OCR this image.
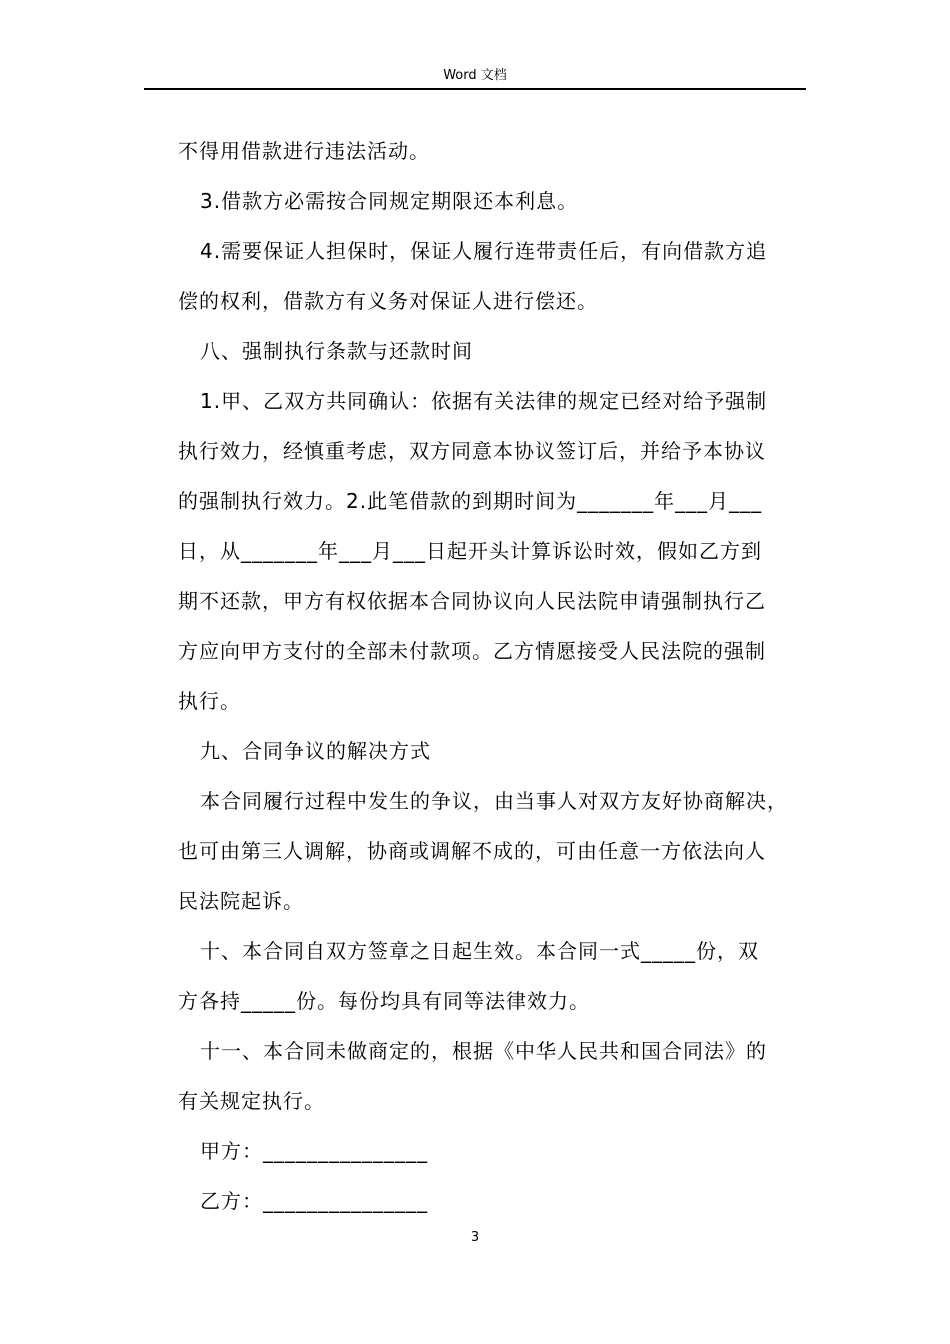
Word 文档

不得用借款进行违法活动。

3.借款方必需按合同规定期限还本利息。

4.需要保证人担保时，保证人履行连带责任后，有向借款方追

偿的权利，借款方有义务对保证人进行偿还。

八、强制执行条款与还款时间

1.甲、乙双方共同确认：依据有关法律的规定已经对给予强制

执行效力，经慎重考虑，双方同意本协议签订后，并给予本协议

的强制执行效力。2.此笔借款的到期时间为_______年___月___

日，从_______年___月___日起开头计算诉讼时效，假如乙方到

期不还款，甲方有权依据本合同协议向人民法院申请强制执行乙

方应向甲方支付的全部未付款项。乙方情愿接受人民法院的强制

执行。

九、合同争议的解决方式

本合同履行过程中发生的争议，由当事人对双方友好协商解决，

也可由第三人调解，协商或调解不成的，可由任意一方依法向人

民法院起诉。

十、本合同自双方签章之日起生效。本合同一式_____份，双

方各持_____份。每份均具有同等法律效力。

十一、本合同未做商定的，根据《中华人民共和国合同法》的

有关规定执行。

甲方：_______________

乙方：_______________

3
